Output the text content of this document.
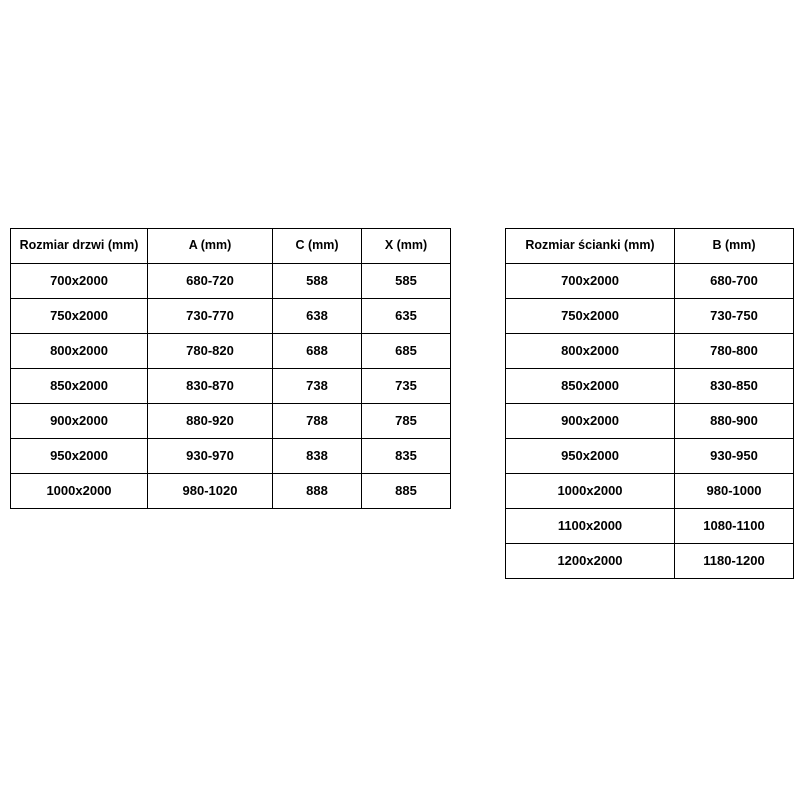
Rozmiar drzwi (mm)	A (mm)	C (mm)	X (mm)
700x2000	680-720	588	585
750x2000	730-770	638	635
800x2000	780-820	688	685
850x2000	830-870	738	735
900x2000	880-920	788	785
950x2000	930-970	838	835
1000x2000	980-1020	888	885
Rozmiar ścianki (mm)	B (mm)
700x2000	680-700
750x2000	730-750
800x2000	780-800
850x2000	830-850
900x2000	880-900
950x2000	930-950
1000x2000	980-1000
1100x2000	1080-1100
1200x2000	1180-1200
